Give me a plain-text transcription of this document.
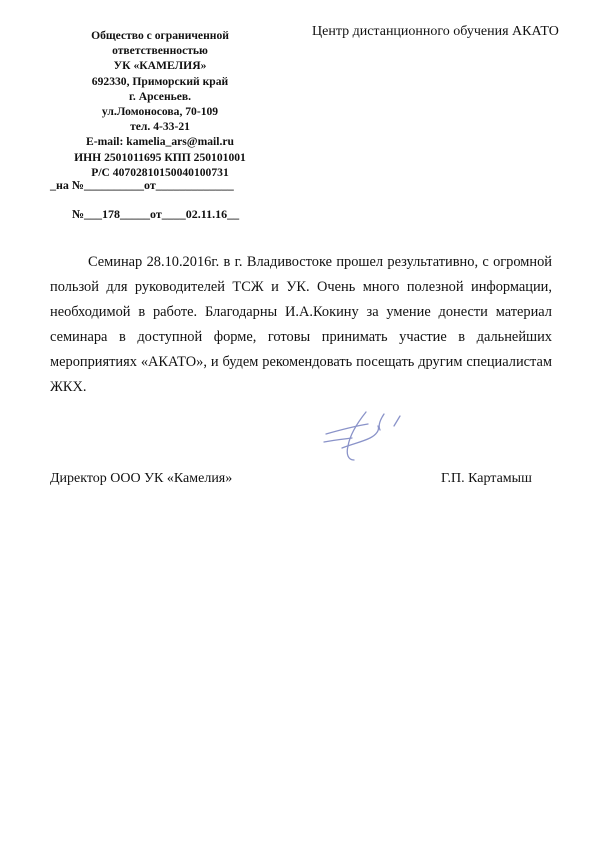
Общество с ограниченной
ответственностью
УК «КАМЕЛИЯ»
692330, Приморский край
г. Арсеньев.
ул.Ломоносова, 70-109
тел. 4-33-21
E-mail: kamelia_ars@mail.ru
ИНН 2501011695 КПП 250101001
Р/С 40702810150040100731
Центр дистанционного обучения АКАТО
_на №__________от_____________
№___178_____от____02.11.16__
Семинар 28.10.2016г. в г. Владивостоке прошел результативно, с огромной пользой для руководителей ТСЖ и УК. Очень много полезной информации, необходимой в работе. Благодарны И.А.Кокину за умение донести материал семинара в доступной форме, готовы принимать участие в дальнейших мероприятиях «АКАТО», и будем рекомендовать посещать другим специалистам ЖКХ.
Директор ООО УК «Камелия»	Г.П. Картамыш
